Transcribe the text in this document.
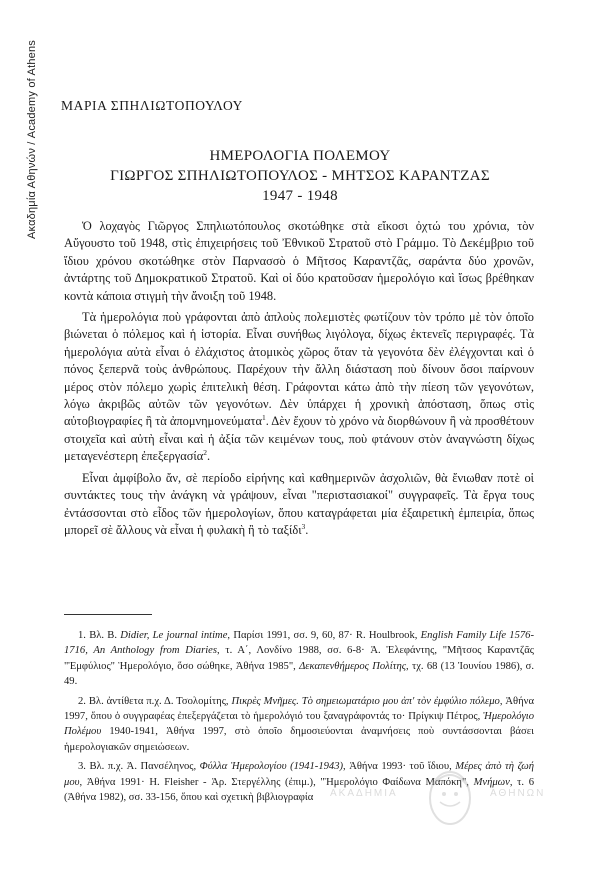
Ακαδημία Αθηνών / Academy of Athens ΜΑΡΙΑ ΣΠΗΛΙΩΤΟΠΟΥΛΟΥ
ΗΜΕΡΟΛΟΓΙΑ ΠΟΛΕΜΟΥ
ΓΙΩΡΓΟΣ ΣΠΗΛΙΩΤΟΠΟΥΛΟΣ - ΜΗΤΣΟΣ ΚΑΡΑΝΤΖΑΣ
1947 - 1948

Ὁ λοχαγὸς Γιῶργος Σπηλιωτόπουλος σκοτώθηκε στὰ εἴκοσι ὀχτώ του χρόνια, τὸν Αὔγουστο τοῦ 1948, στὶς ἐπιχειρήσεις τοῦ Ἐθνικοῦ Στρατοῦ στὸ Γράμμο. Τὸ Δεκέμβριο τοῦ ἴδιου χρόνου σκοτώθηκε στὸν Παρνασσὸ ὁ Μῆτσος Καραντζᾶς, σαράντα δύο χρονῶν, ἀντάρτης τοῦ Δημοκρατικοῦ Στρατοῦ. Καὶ οἱ δύο κρατοῦσαν ἡμερολόγιο καὶ ἴσως βρέθηκαν κοντὰ κάποια στιγμὴ τὴν ἄνοιξη τοῦ 1948.

Τὰ ἡμερολόγια ποὺ γράφονται ἀπὸ ἁπλοὺς πολεμιστὲς φωτίζουν τὸν τρόπο μὲ τὸν ὁποῖο βιώνεται ὁ πόλεμος καὶ ἡ ἱστορία. Εἶναι συνήθως λιγόλογα, δίχως ἐκτενεῖς περιγραφές. Τὰ ἡμερολόγια αὐτὰ εἶναι ὁ ἐλάχιστος ἀτομικὸς χῶρος ὅταν τὰ γεγονότα δὲν ἐλέγχονται καὶ ὁ πόνος ξεπερνᾶ τοὺς ἀνθρώπους. Παρέχουν τὴν ἄλλη διάσταση ποὺ δίνουν ὅσοι παίρνουν μέρος στὸν πόλεμο χωρὶς ἐπιτελικὴ θέση. Γράφονται κάτω ἀπὸ τὴν πίεση τῶν γεγονότων, λόγω ἀκριβῶς αὐτῶν τῶν γεγονότων. Δὲν ὑπάρχει ἡ χρονικὴ ἀπόσταση, ὅπως στὶς αὐτοβιογραφίες ἢ τὰ ἀπομνημονεύματα$^1$. Δὲν ἔχουν τὸ χρόνο νὰ διορθώνουν ἢ νὰ προσθέτουν στοιχεῖα καὶ αὐτὴ εἶναι καὶ ἡ ἀξία τῶν κειμένων τους, ποὺ φτάνουν στὸν ἀναγνώστη δίχως μεταγενέστερη ἐπεξεργασία$^2$.

Εἶναι ἀμφίβολο ἄν, σὲ περίοδο εἰρήνης καὶ καθημερινῶν ἀσχολιῶν, θὰ ἔνιωθαν ποτὲ οἱ συντάκτες τους τὴν ἀνάγκη νὰ γράψουν, εἶναι "περιστασιακοί" συγγραφεῖς. Τὰ ἔργα τους ἐντάσσονται στὸ εἶδος τῶν ἡμερολογίων, ὅπου καταγράφεται μία ἐξαιρετικὴ ἐμπειρία, ὅπως μπορεῖ σὲ ἄλλους νὰ εἶναι ἡ φυλακὴ ἢ τὸ ταξίδι$^3$.

1. Βλ. B. Didier, Le journal intime, Παρίσι 1991, σσ. 9, 60, 87· R. Houlbrook, English Family Life 1576-1716, An Anthology from Diaries, τ. Α΄, Λονδίνο 1988, σσ. 6-8· Ἀ. Ἐλεφάντης, "Μῆτσος Καραντζᾶς "Ἐμφύλιος" Ἡμερολόγιο, ὅσο σώθηκε, Ἀθήνα 1985", Δεκαπενθήμερος Πολίτης, τχ. 68 (13 Ἰουνίου 1986), σ. 49.

2. Βλ. ἀντίθετα π.χ. Δ. Τσολομίτης, Πικρὲς Μνῆμες. Τὸ σημειωματάριο μου ἀπ' τὸν ἐμφύλιο πόλεμο, Ἀθήνα 1997, ὅπου ὁ συγγραφέας ἐπεξεργάζεται τὸ ἡμερολόγιό του ξαναγράφοντάς το· Πρίγκιψ Πέτρος, Ἡμερολόγιο Πολέμου 1940-1941, Ἀθήνα 1997, στὸ ὁποῖο δημοσιεύονται ἀναμνήσεις ποὺ συντάσσονται βάσει ἡμερολογιακῶν σημειώσεων.

3. Βλ. π.χ. Ἀ. Πανσέληνος, Φύλλα Ἡμερολογίου (1941-1943), Ἀθήνα 1993· τοῦ ἴδιου, Μέρες ἀπὸ τὴ ζωή μου, Ἀθήνα 1991· H. Fleisher - Ἀρ. Στεργέλλης (ἐπιμ.), "Ἡμερολόγιο Φαίδωνα Μαπόκη", Μνήμων, τ. 6 (Ἀθήνα 1982), σσ. 33-156, ὅπου καὶ σχετικὴ βιβλιογραφία	ΑΚΑΔΗΜΙΑ	ΑΘΗΝΩΝ
